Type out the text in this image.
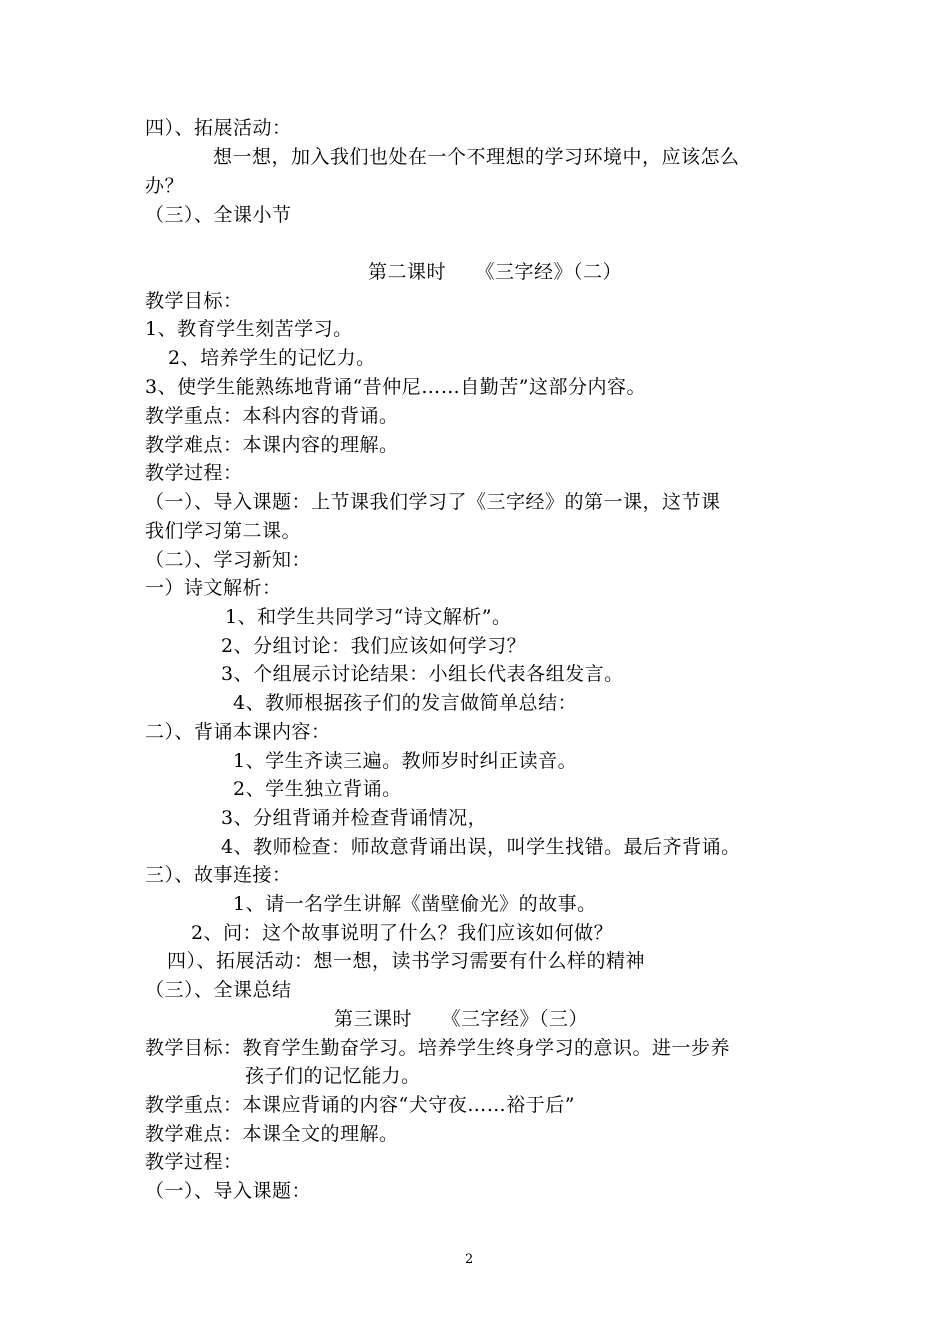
四）、拓展活动：
想一想，加入我们也处在一个不理想的学习环境中，应该怎么
办？
（三）、全课小节
第二课时　　《三字经》（二）
教学目标：
1、教育学生刻苦学习。
2、培养学生的记忆力。
3、使学生能熟练地背诵“昔仲尼……自勤苦”这部分内容。
教学重点：本科内容的背诵。
教学难点：本课内容的理解。
教学过程：
（一）、导入课题：上节课我们学习了《三字经》的第一课，这节课
我们学习第二课。
（二）、学习新知：
一）诗文解析：
1、和学生共同学习“诗文解析”。
2、分组讨论：我们应该如何学习？
3、个组展示讨论结果：小组长代表各组发言。
4、教师根据孩子们的发言做简单总结：
二）、背诵本课内容：
1、学生齐读三遍。教师岁时纠正读音。
2、学生独立背诵。
3、分组背诵并检查背诵情况，
4、教师检查：师故意背诵出误，叫学生找错。最后齐背诵。
三）、故事连接：
1、请一名学生讲解《凿壁偷光》的故事。
2、问：这个故事说明了什么？我们应该如何做？
四）、拓展活动：想一想，读书学习需要有什么样的精神
（三）、全课总结
第三课时　　《三字经》（三）
教学目标：教育学生勤奋学习。培养学生终身学习的意识。进一步养
孩子们的记忆能力。
教学重点：本课应背诵的内容“犬守夜……裕于后”
教学难点：本课全文的理解。
教学过程：
（一）、导入课题：
2
